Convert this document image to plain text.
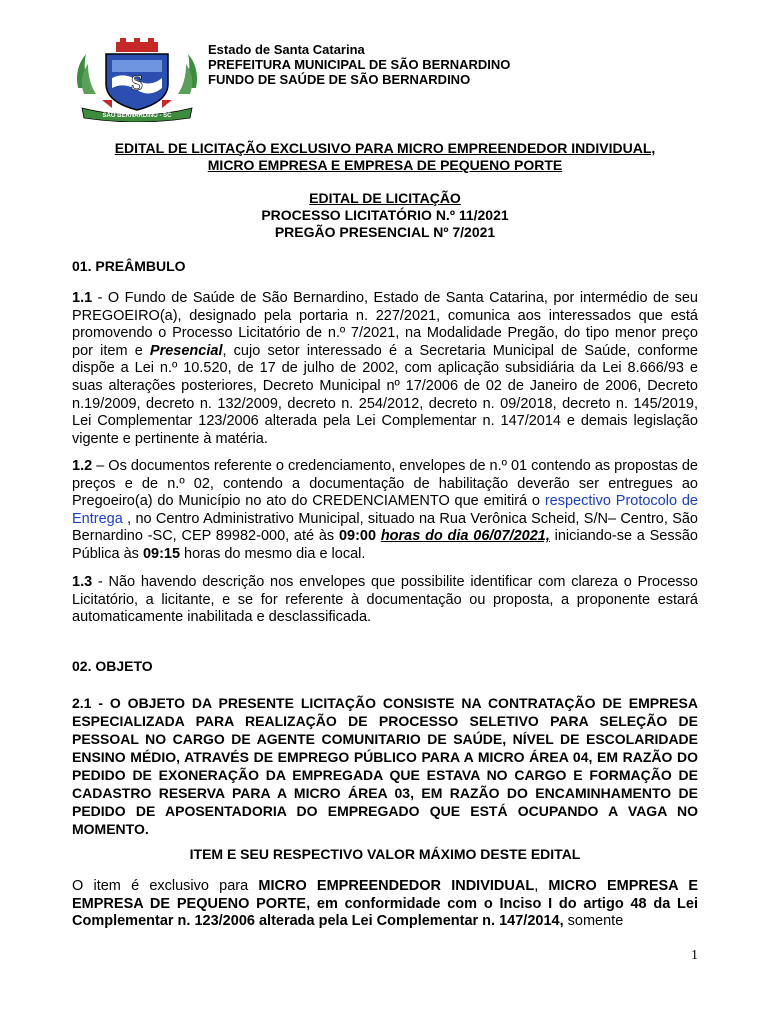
S
SÃO BERNARDINO - SC
Estado de Santa Catarina
PREFEITURA MUNICIPAL DE SÃO BERNARDINO
FUNDO DE SAÚDE DE SÃO BERNARDINO
EDITAL DE LICITAÇÃO EXCLUSIVO PARA MICRO EMPREENDEDOR INDIVIDUAL,
MICRO EMPRESA E EMPRESA DE PEQUENO PORTE
EDITAL DE LICITAÇÃO
PROCESSO LICITATÓRIO N.º 11/2021
PREGÃO PRESENCIAL Nº 7/2021
01. PREÂMBULO
1.1 - O Fundo de Saúde de São Bernardino, Estado de Santa Catarina, por intermédio de seu PREGOEIRO(a), designado pela portaria n. 227/2021, comunica aos interessados que está promovendo o Processo Licitatório de n.º 7/2021, na Modalidade Pregão, do tipo menor preço por item e Presencial, cujo setor interessado é a Secretaria Municipal de Saúde, conforme dispõe a Lei n.º 10.520, de 17 de julho de 2002, com aplicação subsidiária da Lei 8.666/93 e suas alterações posteriores, Decreto Municipal nº 17/2006 de 02 de Janeiro de 2006, Decreto n.19/2009, decreto n. 132/2009, decreto n. 254/2012, decreto n. 09/2018, decreto n. 145/2019, Lei Complementar 123/2006 alterada pela Lei Complementar n. 147/2014 e demais legislação vigente e pertinente à matéria.
1.2 – Os documentos referente o credenciamento, envelopes de n.º 01 contendo as propostas de preços e de n.º 02, contendo a documentação de habilitação deverão ser entregues ao Pregoeiro(a) do Município no ato do CREDENCIAMENTO que emitirá o respectivo Protocolo de Entrega , no Centro Administrativo Municipal, situado na Rua Verônica Scheid, S/N– Centro, São Bernardino -SC, CEP 89982-000, até às 09:00 horas do dia 06/07/2021, iniciando-se a Sessão Pública às 09:15 horas do mesmo dia e local.
1.3 - Não havendo descrição nos envelopes que possibilite identificar com clareza o Processo Licitatório, a licitante, e se for referente à documentação ou proposta, a proponente estará automaticamente inabilitada e desclassificada.
02. OBJETO
2.1 - O OBJETO DA PRESENTE LICITAÇÃO CONSISTE NA CONTRATAÇÃO DE EMPRESA ESPECIALIZADA PARA REALIZAÇÃO DE PROCESSO SELETIVO PARA SELEÇÃO DE PESSOAL NO CARGO DE AGENTE COMUNITARIO DE SAÚDE, NÍVEL DE ESCOLARIDADE ENSINO MÉDIO, ATRAVÉS DE EMPREGO PÚBLICO PARA A MICRO ÁREA 04, EM RAZÃO DO PEDIDO DE EXONERAÇÃO DA EMPREGADA QUE ESTAVA NO CARGO E FORMAÇÃO DE CADASTRO RESERVA PARA A MICRO ÁREA 03, EM RAZÃO DO ENCAMINHAMENTO DE PEDIDO DE APOSENTADORIA DO EMPREGADO QUE ESTÁ OCUPANDO A VAGA NO MOMENTO.
ITEM E SEU RESPECTIVO VALOR MÁXIMO DESTE EDITAL
O item é exclusivo para MICRO EMPREENDEDOR INDIVIDUAL, MICRO EMPRESA E EMPRESA DE PEQUENO PORTE, em conformidade com o Inciso I do artigo 48 da Lei Complementar n. 123/2006 alterada pela Lei Complementar n. 147/2014, somente
1
